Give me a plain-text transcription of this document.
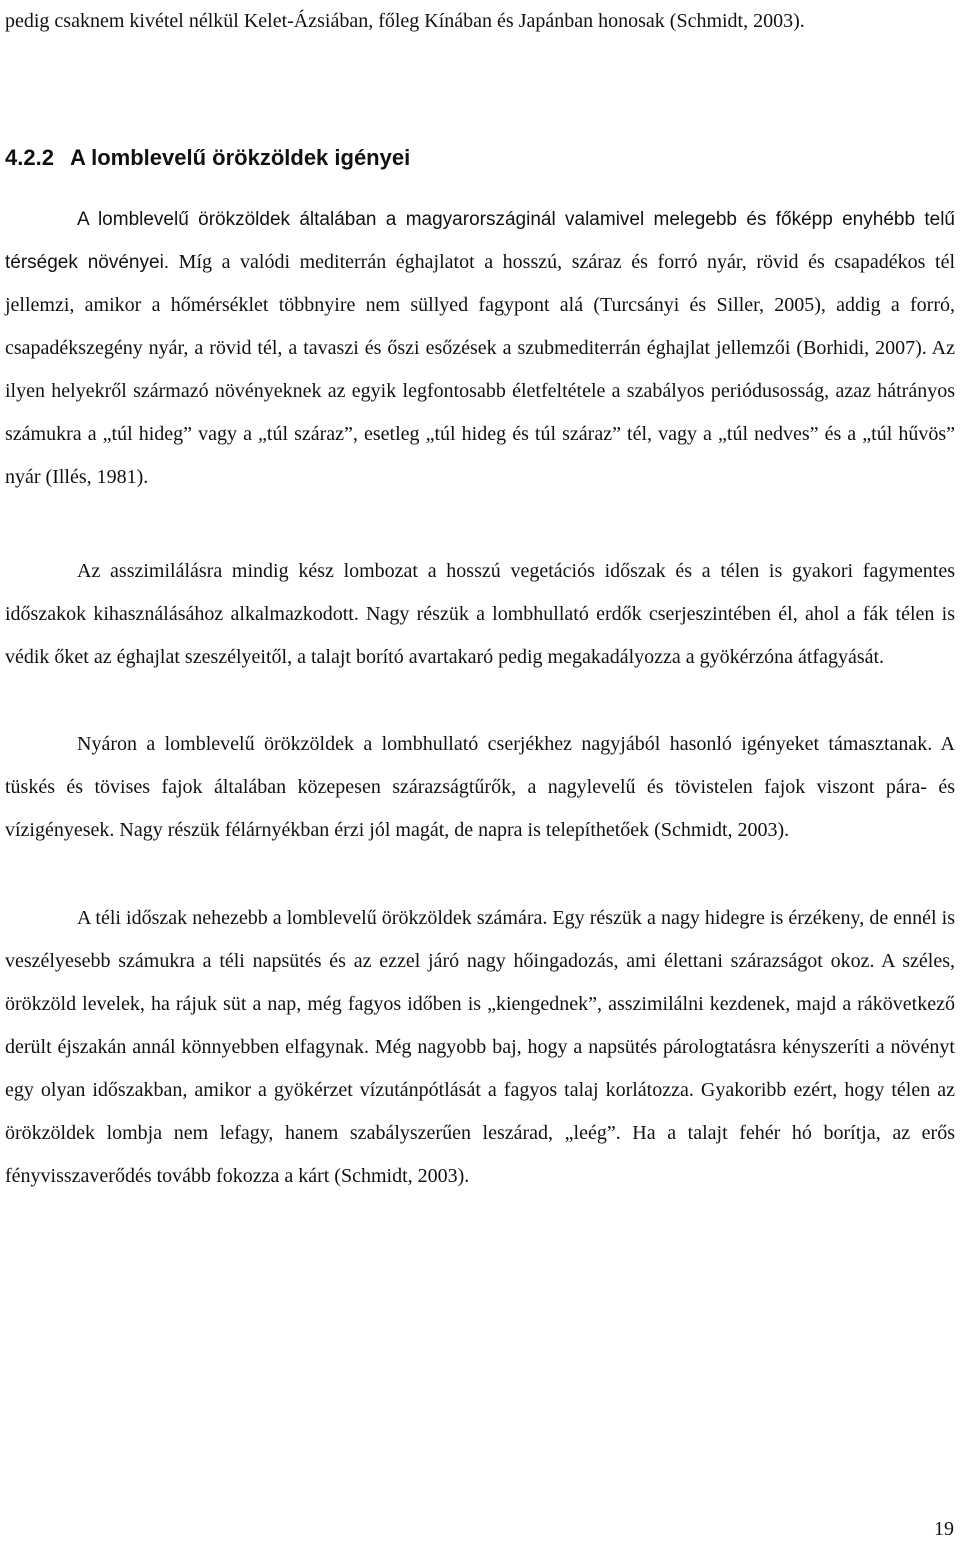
pedig csaknem kivétel nélkül Kelet-Ázsiában, főleg Kínában és Japánban honosak (Schmidt, 2003).

4.2.2 A lomblevelű örökzöldek igényei

A lomblevelű örökzöldek általában a magyarországinál valamivel melegebb és főképp enyhébb telű térségek növényei. Míg a valódi mediterrán éghajlatot a hosszú, száraz és forró nyár, rövid és csapadékos tél jellemzi, amikor a hőmérséklet többnyire nem süllyed fagypont alá (Turcsányi és Siller, 2005), addig a forró, csapadékszegény nyár, a rövid tél, a tavaszi és őszi esőzések a szubmediterrán éghajlat jellemzői (Borhidi, 2007). Az ilyen helyekről származó növényeknek az egyik legfontosabb életfeltétele a szabályos periódusosság, azaz hátrányos számukra a „túl hideg” vagy a „túl száraz”, esetleg „túl hideg és túl száraz” tél, vagy a „túl nedves” és a „túl hűvös” nyár (Illés, 1981).

Az asszimilálásra mindig kész lombozat a hosszú vegetációs időszak és a télen is gyakori fagymentes időszakok kihasználásához alkalmazkodott. Nagy részük a lombhullató erdők cserjeszintében él, ahol a fák télen is védik őket az éghajlat szeszélyeitől, a talajt borító avartakaró pedig megakadályozza a gyökérzóna átfagyását.

Nyáron a lomblevelű örökzöldek a lombhullató cserjékhez nagyjából hasonló igényeket támasztanak. A tüskés és tövises fajok általában közepesen szárazságtűrők, a nagylevelű és tövistelen fajok viszont pára- és vízigényesek. Nagy részük félárnyékban érzi jól magát, de napra is telepíthetőek (Schmidt, 2003).

A téli időszak nehezebb a lomblevelű örökzöldek számára. Egy részük a nagy hidegre is érzékeny, de ennél is veszélyesebb számukra a téli napsütés és az ezzel járó nagy hőingadozás, ami élettani szárazságot okoz. A széles, örökzöld levelek, ha rájuk süt a nap, még fagyos időben is „kiengednek”, asszimilálni kezdenek, majd a rákövetkező derült éjszakán annál könnyebben elfagynak. Még nagyobb baj, hogy a napsütés párologtatásra kényszeríti a növényt egy olyan időszakban, amikor a gyökérzet vízutánpótlását a fagyos talaj korlátozza. Gyakoribb ezért, hogy télen az örökzöldek lombja nem lefagy, hanem szabályszerűen leszárad, „leég”. Ha a talajt fehér hó borítja, az erős fényvisszaverődés tovább fokozza a kárt (Schmidt, 2003).

19
